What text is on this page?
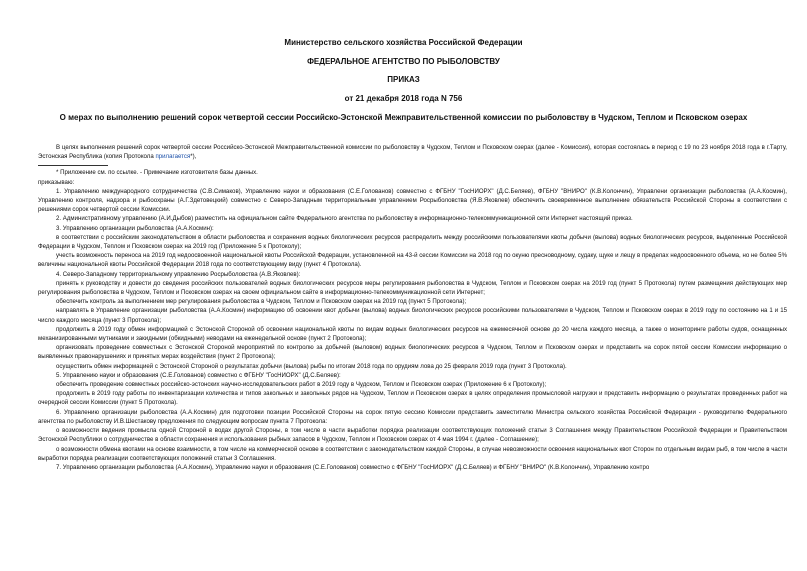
Министерство сельского хозяйства Российской Федерации
ФЕДЕРАЛЬНОЕ АГЕНТСТВО ПО РЫБОЛОВСТВУ
ПРИКАЗ
от 21 декабря 2018 года N 756
О мерах по выполнению решений сорок четвертой сессии Российско-Эстонской Межправительственной комиссии по рыболовству в Чудском, Теплом и Псковском озерах

В целях выполнения решений сорок четвертой сессии Российско-Эстонской Межправительственной комиссии по рыболовству в Чудском, Теплом и Псковском озерах (далее - Комиссия), которая состоялась в период с 19 по 23 ноября 2018 года в г.Тарту, Эстонская Республика (копия Протокола прилагается*),

* Приложение см. по ссылке. - Примечание изготовителя базы данных.

приказываю:

1. Управлению международного сотрудничества (С.В.Симаков), Управлению науки и образования (С.Е.Голованов) совместно с ФГБНУ "ГосНИОРХ" (Д.С.Беляев), ФГБНУ "ВНИРО" (К.В.Колончин), Управлени организации рыболовства (А.А.Космин), Управлению контроля, надзора и рыбоохраны (А.Г.Здетовецкий) совместно с Северо-Западным территориальным управлением Росрыболовства (Я.В.Яковлев) обеспечить своевременное выполнение обязательств Российской Стороны в соответствии с решениями сорок четвертой сессии Комиссии.

2. Административному управлению (А.И.Дыбов) разместить на официальном сайте Федерального агентства по рыболовству в информационно-телекоммуникационной сети Интернет настоящий приказ.

3. Управлению организации рыболовства (А.А.Космин):

в соответствии с российским законодательством в области рыболовства и сохранения водных биологических ресурсов распределить между российскими пользователями квоты добычи (вылова) водных биологических ресурсов, выделенные Российской Федерации в Чудском, Теплом и Псковском озерах на 2019 год (Приложение 5 к Протоколу);

учесть возможность переноса на 2019 год недоосвоенной национальной квоты Российской Федерации, установленной на 43-й сессии Комиссии на 2018 год по окуню пресноводному, судаку, щуке и лещу в пределах недоосвоенного объема, но не более 5% величины национальной квоты Российской Федерации 2018 года по соответствующему виду (пункт 4 Протокола).

4. Северо-Западному территориальному управлению Росрыболовства (А.В.Яковлев):

принять к руководству и довести до сведения российских пользователей водных биологических ресурсов меры регулирования рыболовства в Чудском, Теплом и Псковском озерах на 2019 год (пункт 5 Протокола) путем размещения действующих мер регулирования рыболовства в Чудском, Теплом и Псковском озерах на своем официальном сайте в информационно-телекоммуникационной сети Интернет;

обеспечить контроль за выполнением мер регулирования рыболовства в Чудском, Теплом и Псковском озерах на 2019 год (пункт 5 Протокола);

направлять в Управление организации рыболовства (А.А.Космин) информацию об освоении квот добычи (вылова) водных биологических ресурсов российскими пользователями в Чудском, Теплом и Псковском озерах в 2019 году по состоянию на 1 и 15 число каждого месяца (пункт 3 Протокола);

продолжить в 2019 году обмен информацией с Эстонской Стороной об освоении национальной квоты по видам водных биологических ресурсов на ежемесячной основе до 20 числа каждого месяца, а также о мониторинге работы судов, оснащенных механизированными мутниками и закидными (обкидными) неводами на еженедельной основе (пункт 2 Протокола);

организовать проведение совместных с Эстонской Стороной мероприятий по контролю за добычей (выловом) водных биологических ресурсов в Чудском, Теплом и Псковском озерах и представить на сорок пятой сессии Комиссии информацию о выявленных правонарушениях и принятых мерах воздействия (пункт 2 Протокола);

осуществить обмен информацией с Эстонской Стороной о результатах добычи (вылова) рыбы по итогам 2018 года по орудиям лова до 25 февраля 2019 года (пункт 3 Протокола).

5. Управлению науки и образования (С.Е.Голованов) совместно с ФГБНУ "ГосНИОРХ" (Д.С.Беляев):

обеспечить проведение совместных российско-эстонских научно-исследовательских работ в 2019 году в Чудском, Теплом и Псковском озерах (Приложение 6 к Протоколу);

продолжить в 2019 году работы по инвентаризации количества и типов закольных и закольных рядов на Чудском, Теплом и Псковском озерах в целях определения промысловой нагрузки и представить информацию о результатах проведенных работ на очередной сессии Комиссии (пункт 5 Протокола).

6. Управлению организации рыболовства (А.А.Космин) для подготовки позиции Российской Стороны на сорок пятую сессию Комиссии представить заместителю Министра сельского хозяйства Российской Федерации - руководителю Федерального агентства по рыболовству И.В.Шестакову предложения по следующим вопросам пункта 7 Протокола:

о возможности ведения промысла одной Стороной в водах другой Стороны, в том числе в части выработки порядка реализации соответствующих положений статьи 3 Соглашения между Правительством Российской Федерации и Правительством Эстонской Республики о сотрудничестве в области сохранения и использования рыбных запасов в Чудском, Теплом и Псковском озерах от 4 мая 1994 г. (далее - Соглашение);

о возможности обмена квотами на основе взаимности, в том числе на коммерческой основе в соответствии с законодательством каждой Стороны, в случае невозможности освоения национальных квот Сторон по отдельным видам рыб, в том числе в части выработки порядка реализации соответствующих положений статьи 3 Соглашения.

7. Управлению организации рыболовства (А.А.Космин), Управлению науки и образования (С.Е.Голованов) совместно с ФГБНУ "ГосНИОРХ" (Д.С.Беляев) и ФГБНУ "ВНИРО" (К.В.Колончин), Управлению контро
